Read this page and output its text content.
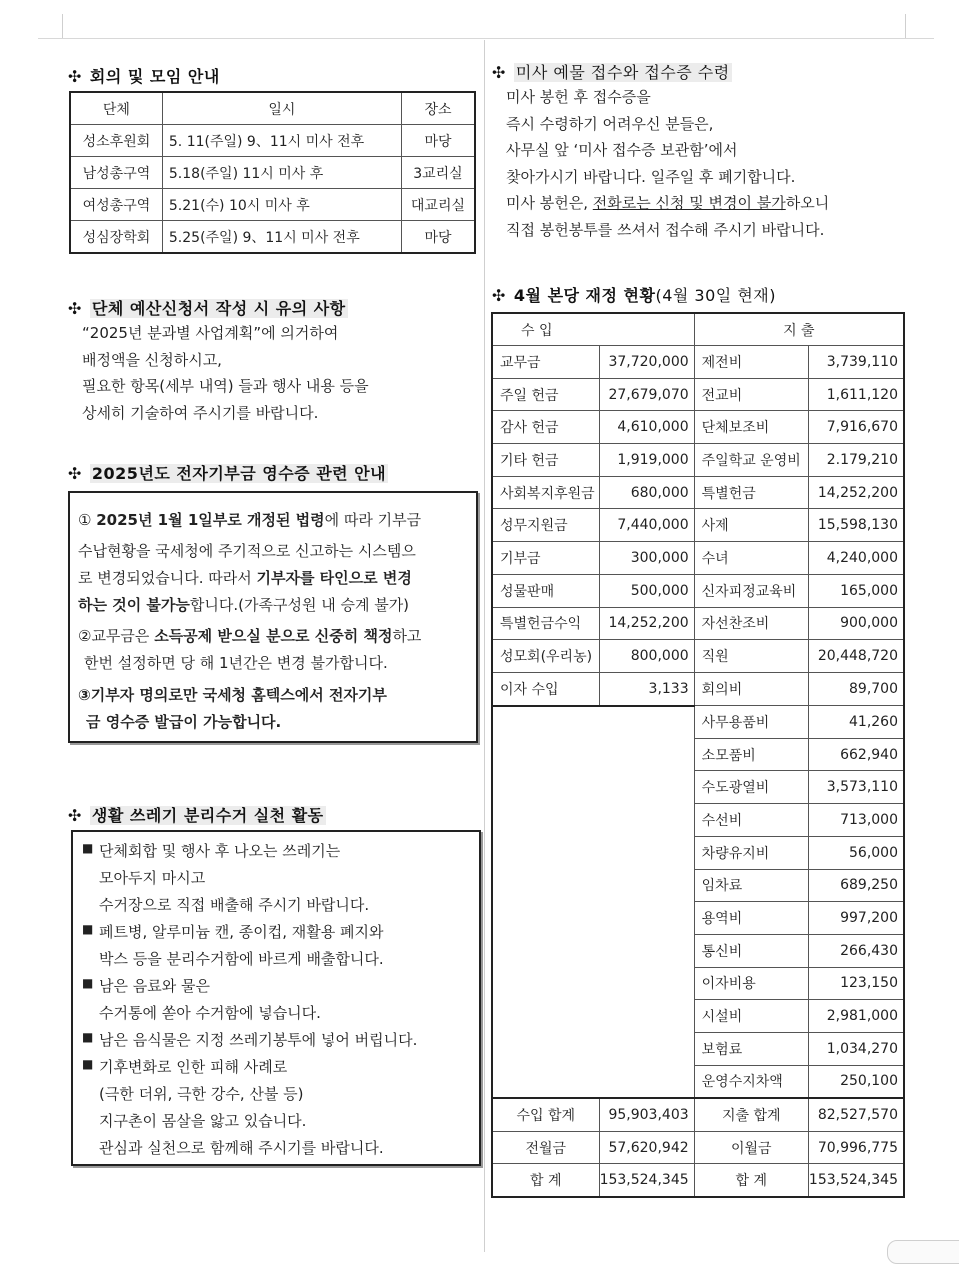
✣ 회의 및 모임 안내
단체	일시	장소
성소후원회	5. 11(주일) 9、11시 미사 전후	마당
남성총구역	5.18(주일) 11시 미사 후	3교리실
여성총구역	5.21(수) 10시 미사 후	대교리실
성심장학회	5.25(주일) 9、11시 미사 전후	마당
✣ 단체 예산신청서 작성 시 유의 사항
“2025년 분과별 사업계획”에 의거하여
배정액을 신청하시고,
필요한 항목(세부 내역) 들과 행사 내용 등을
상세히 기술하여 주시기를 바랍니다.
✣ 2025년도 전자기부금 영수증 관련 안내
① 2025년 1월 1일부로 개정된 법령에 따라 기부금
수납현황을 국세청에 주기적으로 신고하는 시스템으
로 변경되었습니다. 따라서 기부자를 타인으로 변경
하는 것이 불가능합니다.(가족구성원 내 승계 불가)
②교무금은 소득공제 받으실 분으로 신중히 책정하고
한번 설정하면 당 해 1년간은 변경 불가합니다.
③기부자 명의로만 국세청 홈텍스에서 전자기부
금 영수증 발급이 가능합니다.
✣ 생활 쓰레기 분리수거 실천 활동
■ 단체회합 및 행사 후 나오는 쓰레기는
모아두지 마시고
수거장으로 직접 배출해 주시기 바랍니다.
■ 페트병, 알루미늄 캔, 종이컵, 재활용 폐지와
박스 등을 분리수거함에 바르게 배출합니다.
■ 남은 음료와 물은
수거통에 쏟아 수거함에 넣습니다.
■ 남은 음식물은 지정 쓰레기봉투에 넣어 버립니다.
■ 기후변화로 인한 피해 사례로
(극한 더위, 극한 강수, 산불 등)
지구촌이 몸살을 앓고 있습니다.
관심과 실천으로 함께해 주시기를 바랍니다.
✣ 미사 예물 접수와 접수증 수령
미사 봉헌 후 접수증을
즉시 수령하기 어려우신 분들은,
사무실 앞 ‘미사 접수증 보관함’에서
찾아가시기 바랍니다. 일주일 후 폐기합니다.
미사 봉헌은, 전화로는 신청 및 변경이 불가하오니
직접 봉헌봉투를 쓰셔서 접수해 주시기 바랍니다.
✣ 4월 본당 재정 현황(4월 30일 현재)
수 입		지 출	
교무금	37,720,000	제전비	3,739,110
주일 헌금	27,679,070	전교비	1,611,120
감사 헌금	4,610,000	단체보조비	7,916,670
기타 헌금	1,919,000	주일학교 운영비	2.179,210
사회복지후원금	680,000	특별헌금	14,252,200
성무지원금	7,440,000	사제	15,598,130
기부금	300,000	수녀	4,240,000
성물판매	500,000	신자피정교육비	165,000
특별헌금수익	14,252,200	자선찬조비	900,000
성모회(우리농)	800,000	직원	20,448,720
이자 수입	3,133	회의비	89,700
		사무용품비	41,260
		소모품비	662,940
		수도광열비	3,573,110
		수선비	713,000
		차량유지비	56,000
		임차료	689,250
		용역비	997,200
		통신비	266,430
		이자비용	123,150
		시설비	2,981,000
		보험료	1,034,270
		운영수지차액	250,100
수입 합계	95,903,403	지출 합계	82,527,570
전월금	57,620,942	이월금	70,996,775
합 계	153,524,345	합 계	153,524,345
